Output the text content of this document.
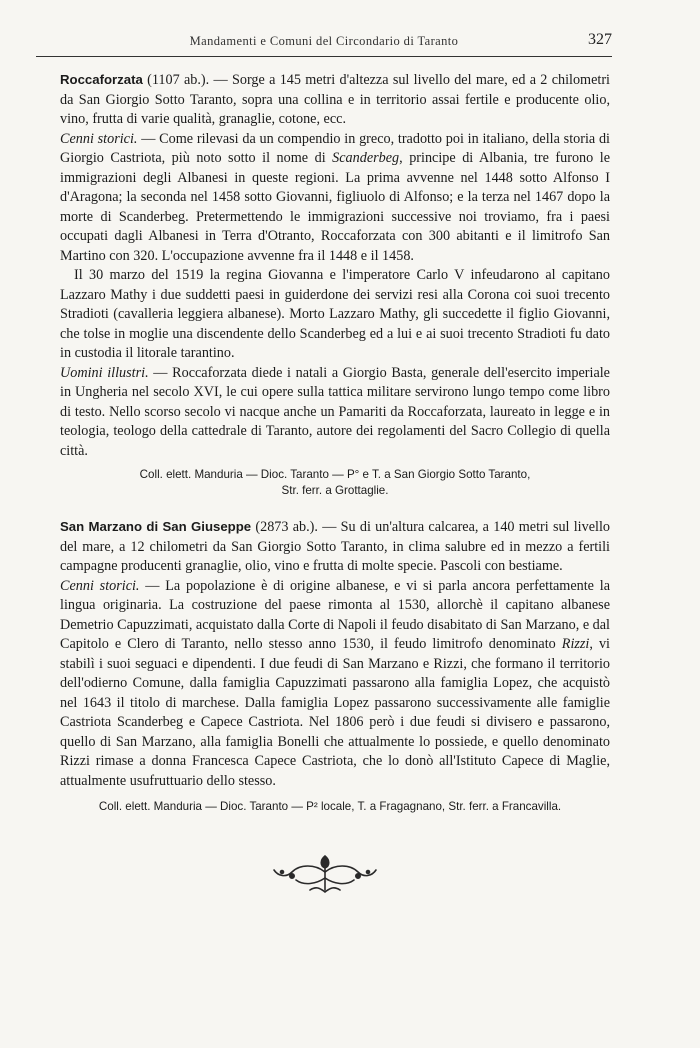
Mandamenti e Comuni del Circondario di Taranto	327

Roccaforzata (1107 ab.). — Sorge a 145 metri d'altezza sul livello del mare, ed a 2 chilometri da San Giorgio Sotto Taranto, sopra una collina e in territorio assai fertile e producente olio, vino, frutta di varie qualità, granaglie, cotone, ecc.

Cenni storici. — Come rilevasi da un compendio in greco, tradotto poi in italiano, della storia di Giorgio Castriota, più noto sotto il nome di Scanderbeg, principe di Albania, tre furono le immigrazioni degli Albanesi in queste regioni. La prima avvenne nel 1448 sotto Alfonso I d'Aragona; la seconda nel 1458 sotto Giovanni, figliuolo di Alfonso; e la terza nel 1467 dopo la morte di Scanderbeg. Pretermettendo le immigrazioni successive noi troviamo, fra i paesi occupati dagli Albanesi in Terra d'Otranto, Roccaforzata con 300 abitanti e il limitrofo San Martino con 320. L'occupazione avvenne fra il 1448 e il 1458.

Il 30 marzo del 1519 la regina Giovanna e l'imperatore Carlo V infeudarono al capitano Lazzaro Mathy i due suddetti paesi in guiderdone dei servizi resi alla Corona coi suoi trecento Stradioti (cavalleria leggiera albanese). Morto Lazzaro Mathy, gli succedette il figlio Giovanni, che tolse in moglie una discendente dello Scanderbeg ed a lui e ai suoi trecento Stradioti fu dato in custodia il litorale tarantino.

Uomini illustri. — Roccaforzata diede i natali a Giorgio Basta, generale dell'esercito imperiale in Ungheria nel secolo XVI, le cui opere sulla tattica militare servirono lungo tempo come libro di testo. Nello scorso secolo vi nacque anche un Pamariti da Roccaforzata, laureato in legge e in teologia, teologo della cattedrale di Taranto, autore dei regolamenti del Sacro Collegio di quella città.

Coll. elett. Manduria — Dioc. Taranto — P° e T. a San Giorgio Sotto Taranto,
Str. ferr. a Grottaglie.

San Marzano di San Giuseppe (2873 ab.). — Su di un'altura calcarea, a 140 metri sul livello del mare, a 12 chilometri da San Giorgio Sotto Taranto, in clima salubre ed in mezzo a fertili campagne producenti granaglie, olio, vino e frutta di molte specie. Pascoli con bestiame.

Cenni storici. — La popolazione è di origine albanese, e vi si parla ancora perfettamente la lingua originaria. La costruzione del paese rimonta al 1530, allorchè il capitano albanese Demetrio Capuzzimati, acquistato dalla Corte di Napoli il feudo disabitato di San Marzano, e dal Capitolo e Clero di Taranto, nello stesso anno 1530, il feudo limitrofo denominato Rizzi, vi stabilì i suoi seguaci e dipendenti. I due feudi di San Marzano e Rizzi, che formano il territorio dell'odierno Comune, dalla famiglia Capuzzimati passarono alla famiglia Lopez, che acquistò nel 1643 il titolo di marchese. Dalla famiglia Lopez passarono successivamente alle famiglie Castriota Scanderbeg e Capece Castriota. Nel 1806 però i due feudi si divisero e passarono, quello di San Marzano, alla famiglia Bonelli che attualmente lo possiede, e quello denominato Rizzi rimase a donna Francesca Capece Castriota, che lo donò all'Istituto Capece di Maglie, attualmente usufruttuario dello stesso.

Coll. elett. Manduria — Dioc. Taranto — P² locale, T. a Fragagnano, Str. ferr. a Francavilla.
